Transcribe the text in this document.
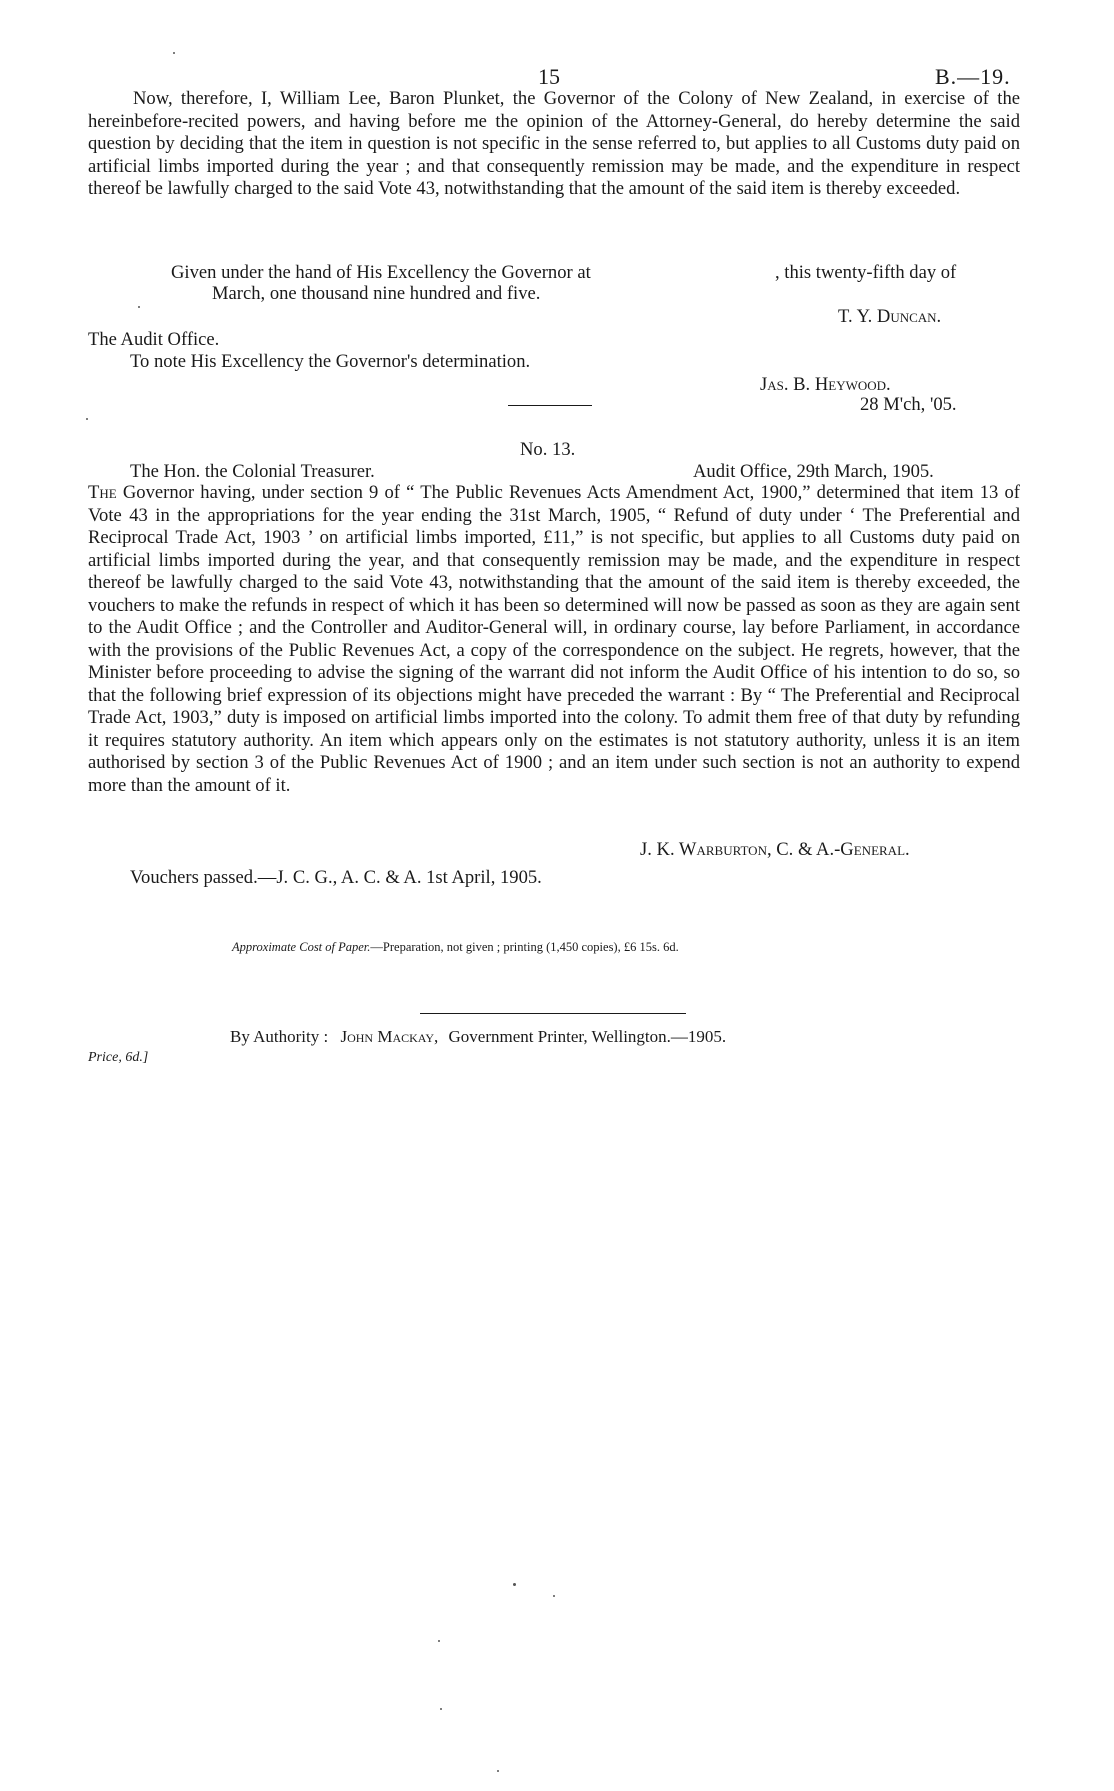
15	B.—19.
Now, therefore, I, William Lee, Baron Plunket, the Governor of the Colony of New Zealand, in exercise of the hereinbefore-recited powers, and having before me the opinion of the Attorney-General, do hereby determine the said question by deciding that the item in question is not specific in the sense referred to, but applies to all Customs duty paid on artificial limbs imported during the year ; and that consequently remission may be made, and the expenditure in respect thereof be lawfully charged to the said Vote 43, notwithstanding that the amount of the said item is thereby exceeded.
Given under the hand of His Excellency the Governor at	, this twenty-fifth day of
March, one thousand nine hundred and five.
T. Y. Duncan.
The Audit Office.
To note His Excellency the Governor's determination.
Jas. B. Heywood.
28 M'ch, '05.
No. 13.
The Hon. the Colonial Treasurer.	Audit Office, 29th March, 1905.
The Governor having, under section 9 of “ The Public Revenues Acts Amendment Act, 1900,” determined that item 13 of Vote 43 in the appropriations for the year ending the 31st March, 1905, “ Refund of duty under ‘ The Preferential and Reciprocal Trade Act, 1903 ’ on artificial limbs imported, £11,” is not specific, but applies to all Customs duty paid on artificial limbs imported during the year, and that consequently remission may be made, and the expenditure in respect thereof be lawfully charged to the said Vote 43, notwithstanding that the amount of the said item is thereby exceeded, the vouchers to make the refunds in respect of which it has been so determined will now be passed as soon as they are again sent to the Audit Office ; and the Controller and Auditor-General will, in ordinary course, lay before Parliament, in accordance with the provisions of the Public Revenues Act, a copy of the correspondence on the subject. He regrets, however, that the Minister before proceeding to advise the signing of the warrant did not inform the Audit Office of his intention to do so, so that the following brief expression of its objections might have preceded the warrant : By “ The Preferential and Reciprocal Trade Act, 1903,” duty is imposed on artificial limbs imported into the colony. To admit them free of that duty by refunding it requires statutory authority. An item which appears only on the estimates is not statutory authority, unless it is an item authorised by section 3 of the Public Revenues Act of 1900 ; and an item under such section is not an authority to expend more than the amount of it.
J. K. Warburton, C. & A.-General.
Vouchers passed.—J. C. G., A. C. & A. 1st April, 1905.
Approximate Cost of Paper.—Preparation, not given ; printing (1,450 copies), £6 15s. 6d.
Price, 6d.]
By Authority : John Mackay, Government Printer, Wellington.—1905.
